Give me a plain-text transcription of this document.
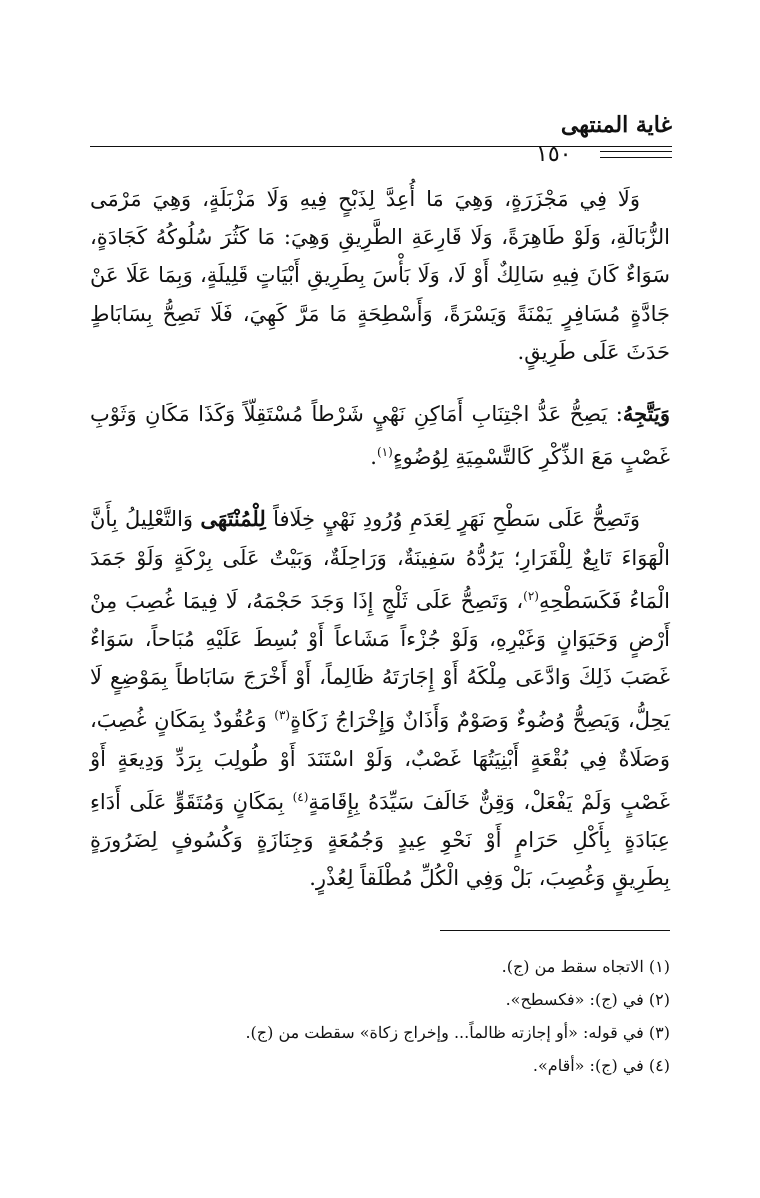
غاية المنتهى
١٥٠

وَلَا فِي مَجْزَرَةٍ، وَهِيَ مَا أُعِدَّ لِذَبْحٍ فِيهِ وَلَا مَزْبَلَةٍ، وَهِيَ مَرْمَى الزُّبَالَةِ، وَلَوْ طَاهِرَةً، وَلَا قَارِعَةِ الطَّرِيقِ وَهِيَ: مَا كَثُرَ سُلُوكُهُ كَجَادَةٍ، سَوَاءٌ كَانَ فِيهِ سَالِكٌ أَوْ لَا، وَلَا بَأْسَ بِطَرِيقِ أَبْيَاتٍ قَلِيلَةٍ، وَبِمَا عَلَا عَنْ جَادَّةٍ مُسَافِرٍ يَمْنَةً وَيَسْرَةً، وَأَسْطِحَةٍ مَا مَرَّ كَهِيَ، فَلَا تَصِحُّ بِسَابَاطٍ حَدَثَ عَلَى طَرِيقٍ.

وَيَتَّجِهُ: يَصِحُّ عَدُّ اجْتِنَابِ أَمَاكِنِ نَهْيٍ شَرْطاً مُسْتَقِلّاً وَكَذَا مَكَانِ وَثَوْبِ غَصْبٍ مَعَ الذِّكْرِ كَالتَّسْمِيَةِ لِوُضُوءٍ$^{(١)}$.

وَتَصِحُّ عَلَى سَطْحِ نَهَرٍ لِعَدَمِ وُرُودِ نَهْيٍ خِلَافاً لِلْمُنْتَهَى وَالتَّعْلِيلُ بِأَنَّ الْهَوَاءَ تَابِعٌ لِلْقَرَارِ؛ يَرُدُّهُ سَفِينَةٌ، وَرَاحِلَةٌ، وَبَيْتٌ عَلَى بِرْكَةٍ وَلَوْ جَمَدَ الْمَاءُ فَكَسَطْحِهِ$^{(٢)}$، وَتَصِحُّ عَلَى ثَلْجٍ إِذَا وَجَدَ حَجْمَهُ، لَا فِيمَا غُصِبَ مِنْ أَرْضٍ وَحَيَوَانٍ وَغَيْرِهِ، وَلَوْ جُزْءاً مَشَاعاً أَوْ بُسِطَ عَلَيْهِ مُبَاحاً، سَوَاءٌ غَصَبَ ذَلِكَ وَادَّعَى مِلْكَهُ أَوْ إِجَارَتَهُ ظَالِماً، أَوْ أَخْرَجَ سَابَاطاً بِمَوْضِعٍ لَا يَحِلُّ، وَيَصِحُّ وُضُوءٌ وَصَوْمٌ وَأَذَانٌ وَإِخْرَاجُ زَكَاةٍ$^{(٣)}$ وَعُقُودٌ بِمَكَانٍ غُصِبَ، وَصَلَاةٌ فِي بُقْعَةٍ أَبْنِيَتُهَا غَصْبٌ، وَلَوْ اسْتَنَدَ أَوْ طُولِبَ بِرَدِّ وَدِيعَةٍ أَوْ غَصْبٍ وَلَمْ يَفْعَلْ، وَقِنٌّ خَالَفَ سَيِّدَهُ بِإِقَامَةٍ$^{(٤)}$ بِمَكَانٍ وَمُتَقَوٍّ عَلَى أَدَاءِ عِبَادَةٍ بِأَكْلِ حَرَامٍ أَوْ نَحْوِ عِيدٍ وَجُمُعَةٍ وَجِنَازَةٍ وَكُسُوفٍ لِضَرُورَةٍ بِطَرِيقٍ وَغُصِبَ، بَلْ وَفِي الْكُلِّ مُطْلَقاً لِعُذْرٍ.

(١) الاتجاه سقط من (ج).
(٢) في (ج): «فكسطح».
(٣) في قوله: «أو إجازته ظالماً... وإخراج زكاة» سقطت من (ج).
(٤) في (ج): «أقام».
